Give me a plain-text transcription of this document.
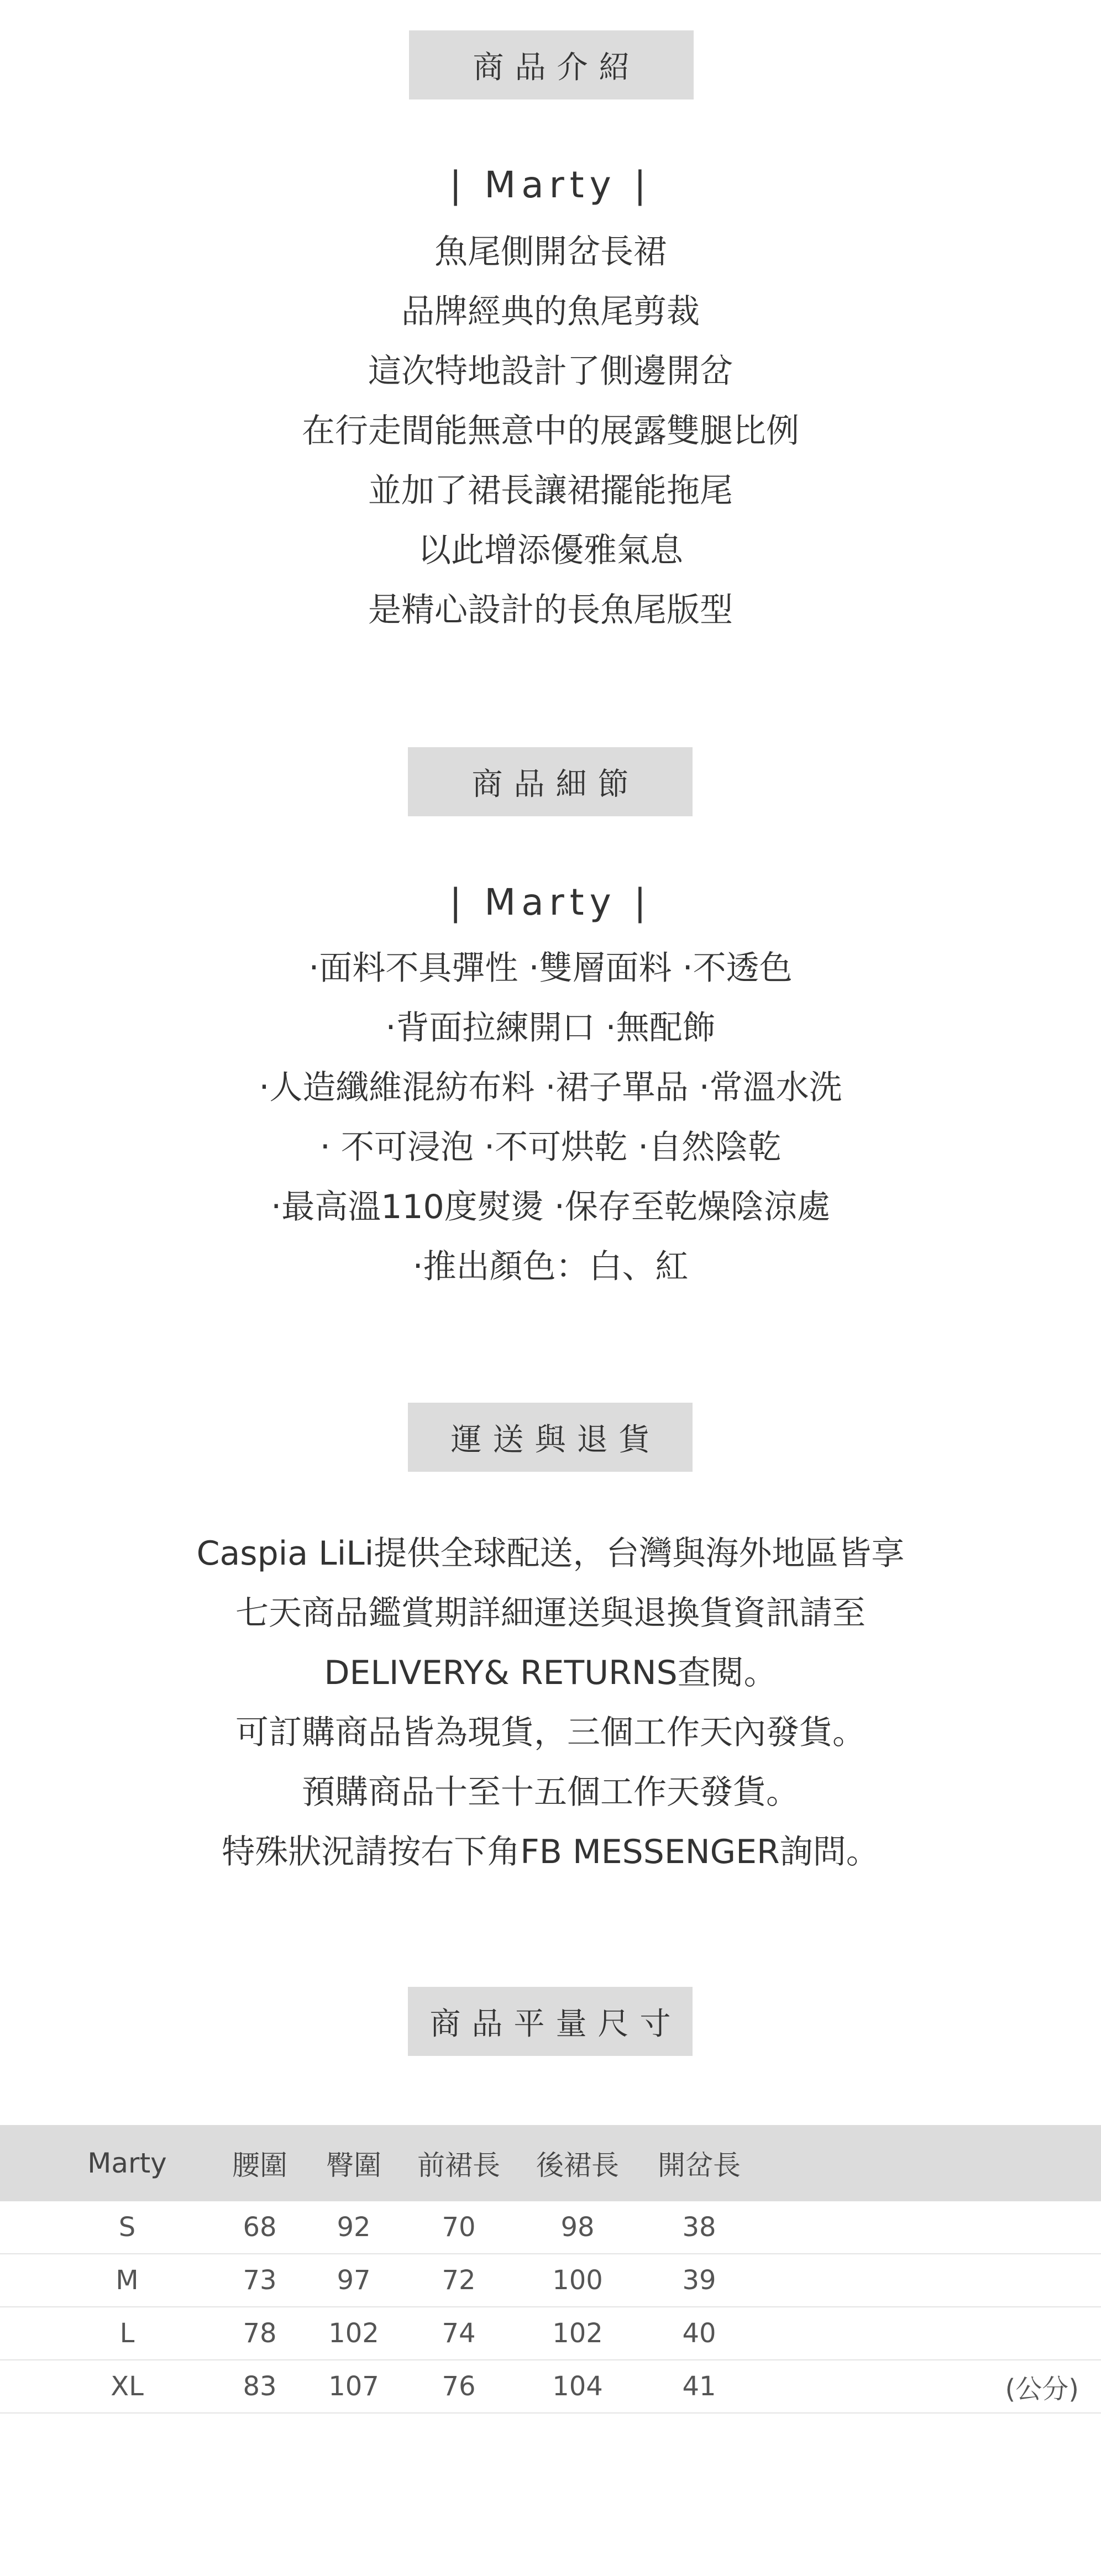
商品介紹
| Marty |
魚尾側開岔長裙
品牌經典的魚尾剪裁
這次特地設計了側邊開岔
在行走間能無意中的展露雙腿比例
並加了裙長讓裙擺能拖尾
以此增添優雅氣息
是精心設計的長魚尾版型
商品細節
| Marty |
‧面料不具彈性 ‧雙層面料 ‧不透色
‧背面拉練開口 ‧無配飾
‧人造纖維混紡布料 ‧裙子單品 ‧常溫水洗
‧ 不可浸泡 ‧不可烘乾 ‧自然陰乾
‧最高溫110度熨燙 ‧保存至乾燥陰涼處
‧推出顏色：白、紅
運送與退貨
Caspia LiLi提供全球配送，台灣與海外地區皆享
七天商品鑑賞期詳細運送與退換貨資訊請至
DELIVERY& RETURNS查閱。
可訂購商品皆為現貨，三個工作天內發貨。
預購商品十至十五個工作天發貨。
特殊狀況請按右下角FB MESSENGER詢問。
商品平量尺寸
Marty	腰圍	臀圍	前裙長 後裙長 開岔長
S	68	92	70	98	38
M	73	97	72	100	39
L	78	102	74	102	40
XL	83	107	76	104	41	(公分)
